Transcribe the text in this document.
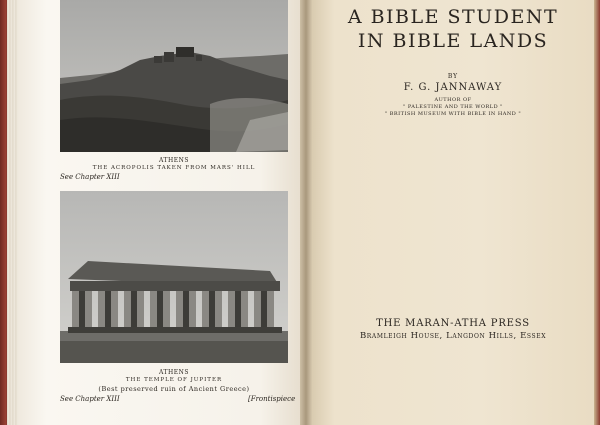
ATHENS
THE ACROPOLIS TAKEN FROM MARS' HILL
See Chapter XIII
ATHENS
THE TEMPLE OF JUPITER
(Best preserved ruin of Ancient Greece)
See Chapter XIII	[Frontispiece
A BIBLE STUDENT
IN BIBLE LANDS
BY
F. G. JANNAWAY
AUTHOR OF
" PALESTINE AND THE WORLD "
" BRITISH MUSEUM WITH BIBLE IN HAND "
THE MARAN-ATHA PRESS
Bramleigh House, Langdon Hills, Essex
